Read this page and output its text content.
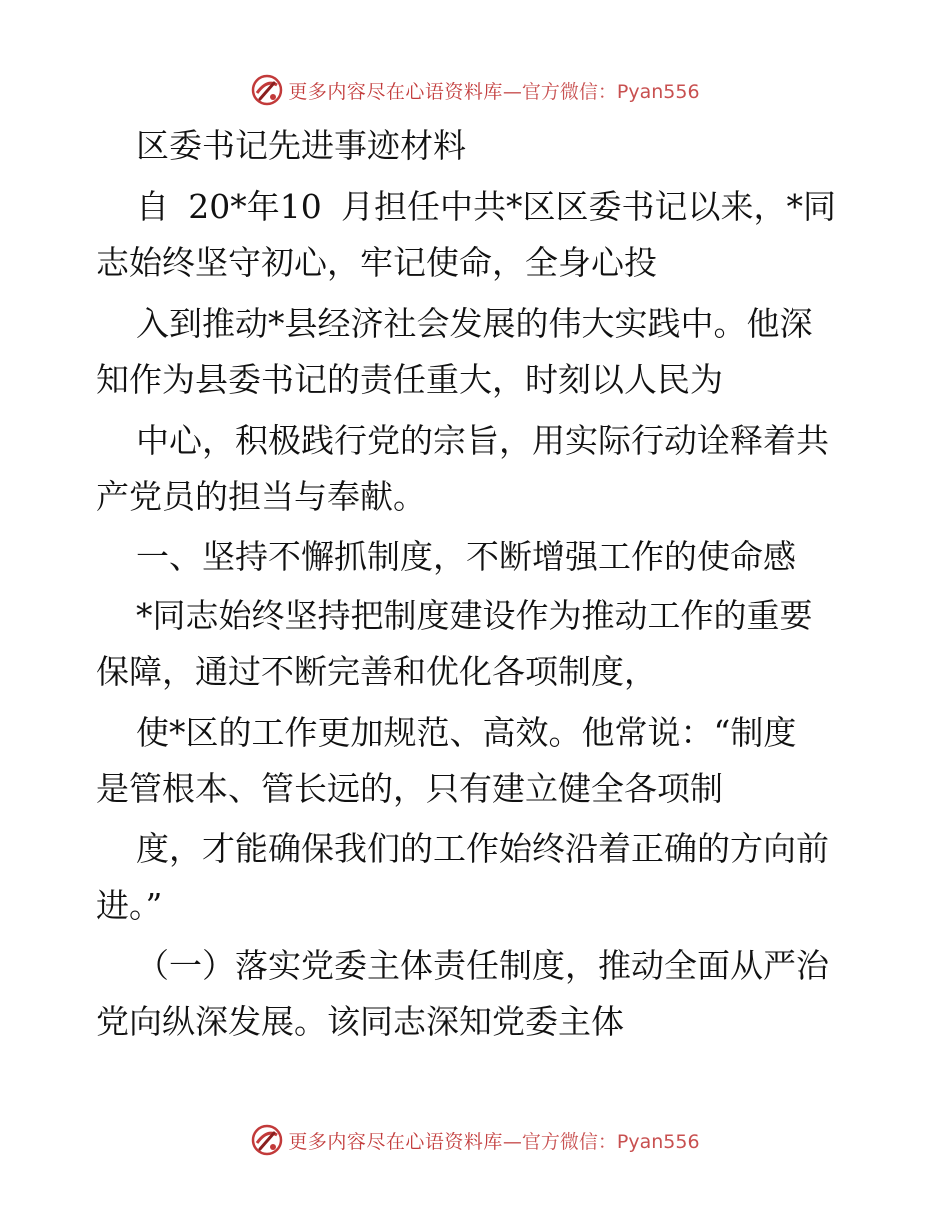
更多内容尽在心语资料库 —官方微信：Pyan556
区委书记先进事迹材料
自 20*年10 月担任中共*区区委书记以来，*同
志始终坚守初心，牢记使命，全身心投
入到推动*县经济社会发展的伟大实践中。他深
知作为县委书记的责任重大，时刻以人民为
中心，积极践行党的宗旨，用实际行动诠释着共
产党员的担当与奉献。
一、坚持不懈抓制度，不断增强工作的使命感
*同志始终坚持把制度建设作为推动工作的重要
保障，通过不断完善和优化各项制度，
使*区的工作更加规范、高效。他常说：“制度
是管根本、管长远的，只有建立健全各项制
度，才能确保我们的工作始终沿着正确的方向前
进。”
（一）落实党委主体责任制度，推动全面从严治
党向纵深发展。该同志深知党委主体
更多内容尽在心语资料库 —官方微信：Pyan556
